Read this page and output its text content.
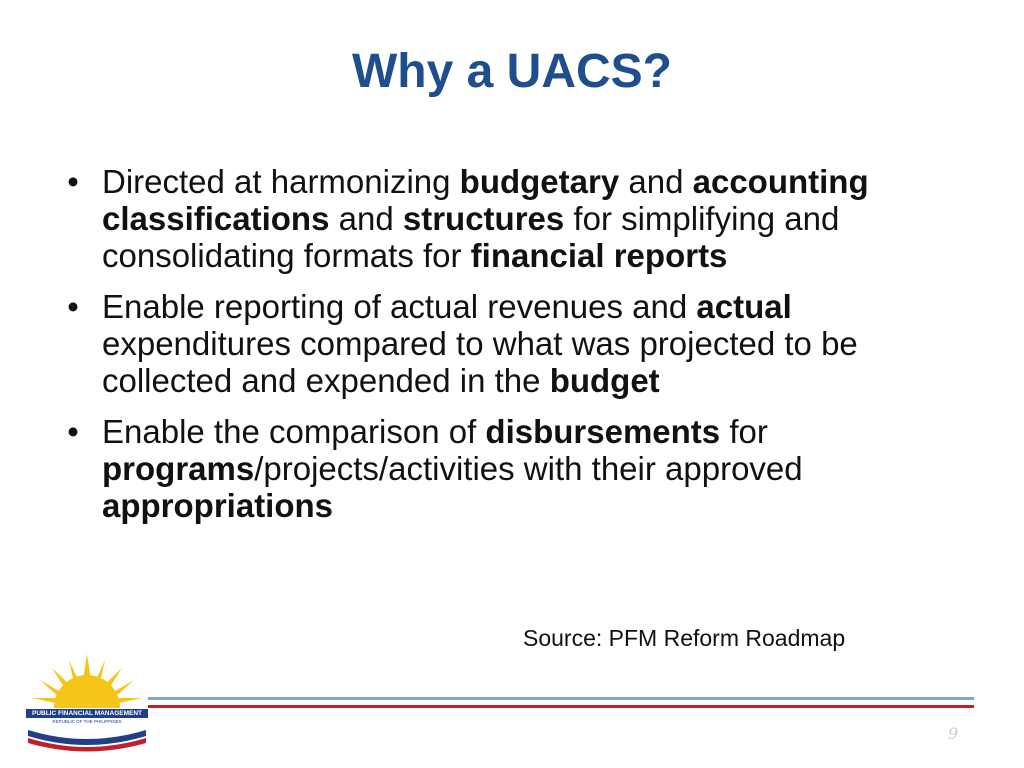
Why a UACS?
• Directed at harmonizing budgetary and accounting classifications and structures for simplifying and consolidating formats for financial reports
• Enable reporting of actual revenues and actual expenditures compared to what was projected to be collected and expended in the budget
• Enable the comparison of disbursements for programs/projects/activities with their approved appropriations
Source: PFM Reform Roadmap
PUBLIC FINANCIAL MANAGEMENT
REPUBLIC OF THE PHILIPPINES
9
